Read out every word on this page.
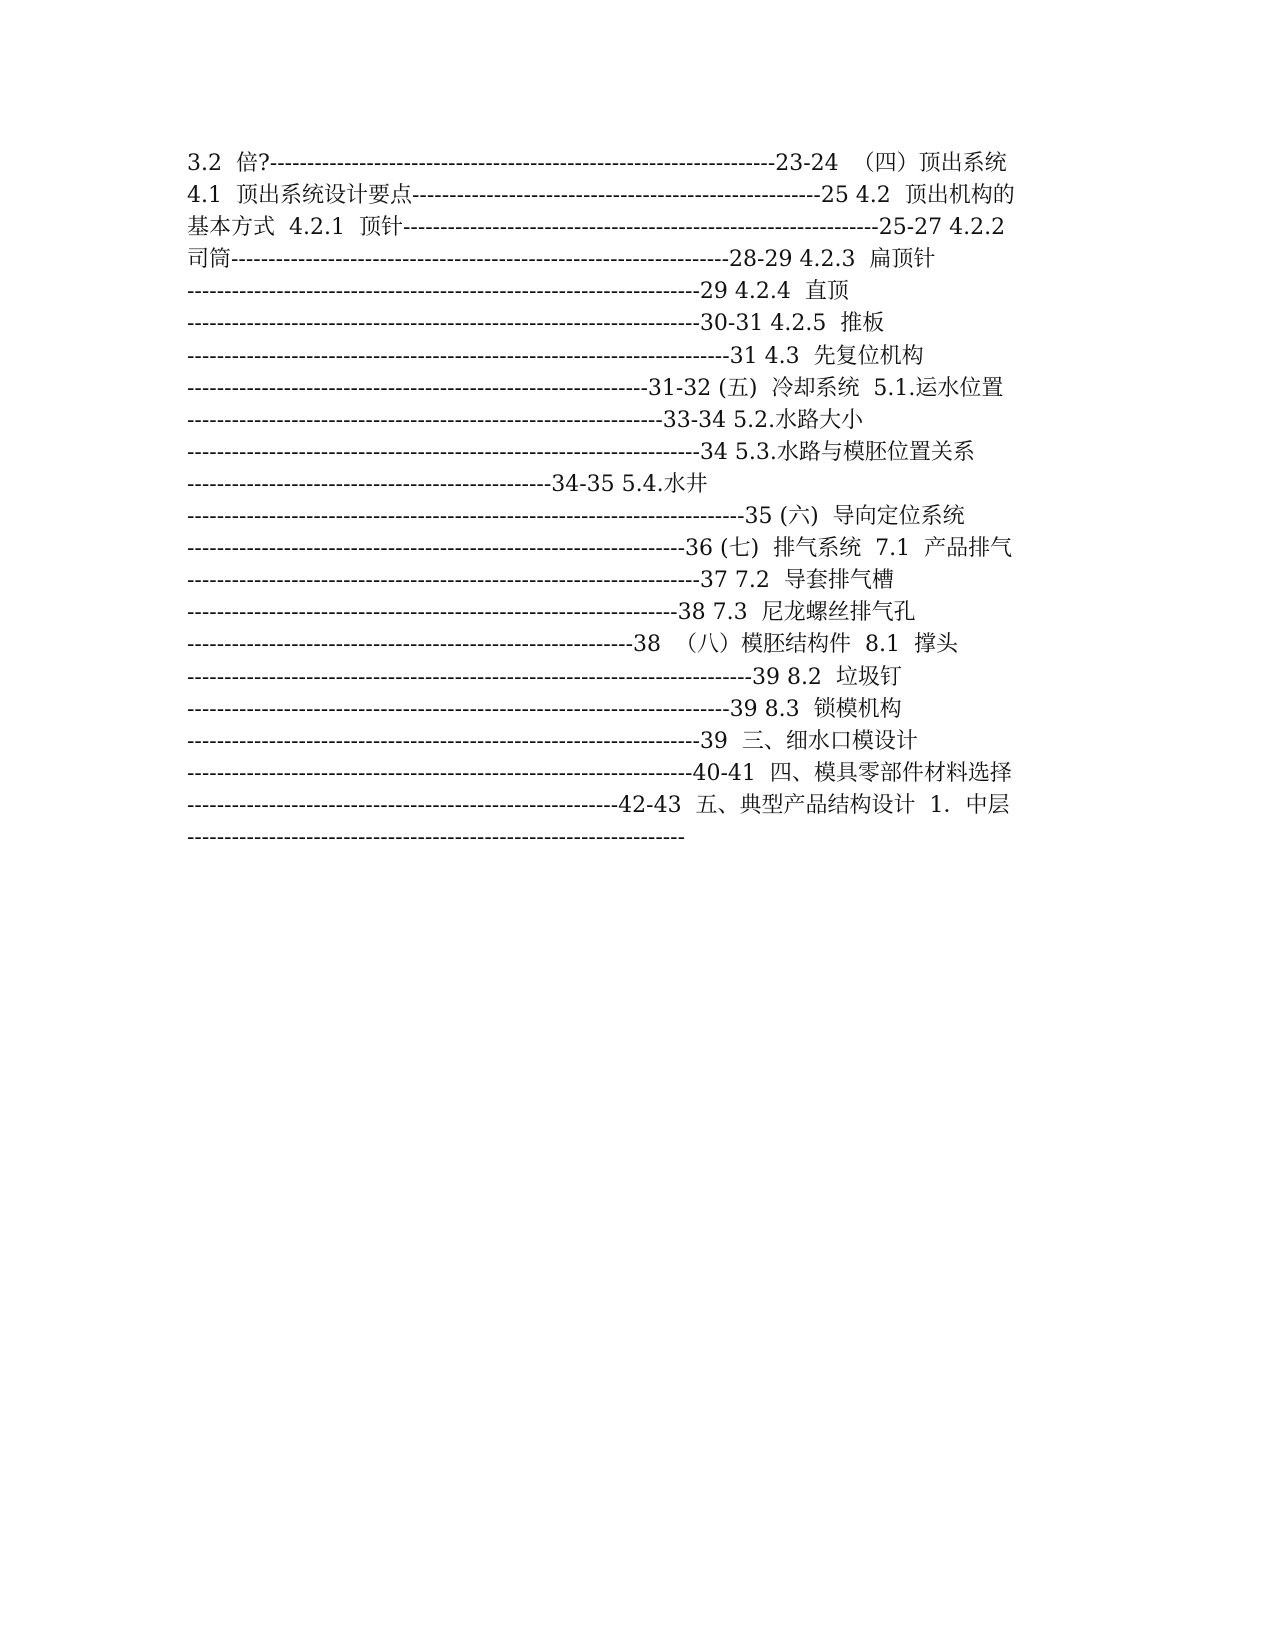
3.2  倍?--------------------------------------------------------------------23-24  （四）顶出系统
4.1  顶出系统设计要点-------------------------------------------------------25 4.2  顶出机构的
基本方式  4.2.1  顶针----------------------------------------------------------------25-27 4.2.2
司筒-------------------------------------------------------------------28-29 4.2.3  扁顶针
---------------------------------------------------------------------29 4.2.4  直顶
---------------------------------------------------------------------30-31 4.2.5  推板
-------------------------------------------------------------------------31 4.3  先复位机构
--------------------------------------------------------------31-32 (五)  冷却系统  5.1.运水位置
----------------------------------------------------------------33-34 5.2.水路大小
---------------------------------------------------------------------34 5.3.水路与模胚位置关系
-------------------------------------------------34-35 5.4.水井
---------------------------------------------------------------------------35 (六)  导向定位系统
-------------------------------------------------------------------36 (七)  排气系统  7.1  产品排气
---------------------------------------------------------------------37 7.2  导套排气槽
------------------------------------------------------------------38 7.3  尼龙螺丝排气孔
------------------------------------------------------------38  （八）模胚结构件  8.1  撑头
----------------------------------------------------------------------------39 8.2  垃圾钉
-------------------------------------------------------------------------39 8.3  锁模机构
---------------------------------------------------------------------39  三、细水口模设计
--------------------------------------------------------------------40-41  四、模具零部件材料选择
----------------------------------------------------------42-43  五、典型产品结构设计  1．中层
-------------------------------------------------------------------
